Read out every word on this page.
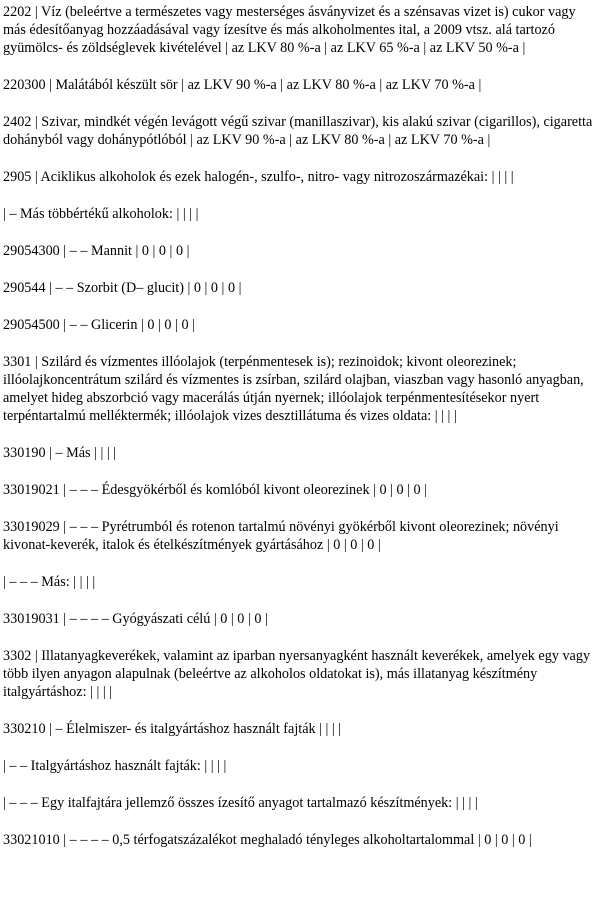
2202 | Víz (beleértve a természetes vagy mesterséges ásványvizet és a szénsavas vizet is) cukor vagy más édesítőanyag hozzáadásával vagy ízesítve és más alkoholmentes ital, a 2009 vtsz. alá tartozó gyümölcs- és zöldséglevek kivételével | az LKV 80 %-a | az LKV 65 %-a | az LKV 50 %-a |

220300 | Malátából készült sör | az LKV 90 %-a | az LKV 80 %-a | az LKV 70 %-a |

2402 | Szivar, mindkét végén levágott végű szivar (manillaszivar), kis alakú szivar (cigarillos), cigaretta dohányból vagy dohánypótlóból | az LKV 90 %-a | az LKV 80 %-a | az LKV 70 %-a |

2905 | Aciklikus alkoholok és ezek halogén-, szulfo-, nitro- vagy nitrozoszármazékai: | | | |

| – Más többértékű alkoholok: | | | |

29054300 | – – Mannit | 0 | 0 | 0 |

290544 | – – Szorbit (D– glucit) | 0 | 0 | 0 |

29054500 | – – Glicerin | 0 | 0 | 0 |

3301 | Szilárd és vízmentes illóolajok (terpénmentesek is); rezinoidok; kivont oleorezinek; illóolajkoncentrátum szilárd és vízmentes is zsírban, szilárd olajban, viaszban vagy hasonló anyagban, amelyet hideg abszorbció vagy macerálás útján nyernek; illóolajok terpénmentesítésekor nyert terpéntartalmú melléktermék; illóolajok vizes desztillátuma és vizes oldata: | | | |

330190 | – Más | | | |

33019021 | – – – Édesgyökérből és komlóból kivont oleorezinek | 0 | 0 | 0 |

33019029 | – – – Pyrétrumból és rotenon tartalmú növényi gyökérből kivont oleorezinek; növényi kivonat-keverék, italok és ételkészítmények gyártásához | 0 | 0 | 0 |

| – – – Más: | | | |

33019031 | – – – – Gyógyászati célú | 0 | 0 | 0 |

3302 | Illatanyagkeverékek, valamint az iparban nyersanyagként használt keverékek, amelyek egy vagy több ilyen anyagon alapulnak (beleértve az alkoholos oldatokat is), más illatanyag készítmény italgyártáshoz: | | | |

330210 | – Élelmiszer- és italgyártáshoz használt fajták | | | |

| – – Italgyártáshoz használt fajták: | | | |

| – – – Egy italfajtára jellemző összes ízesítő anyagot tartalmazó készítmények: | | | |

33021010 | – – – – 0,5 térfogatszázalékot meghaladó tényleges alkoholtartalommal | 0 | 0 | 0 |
